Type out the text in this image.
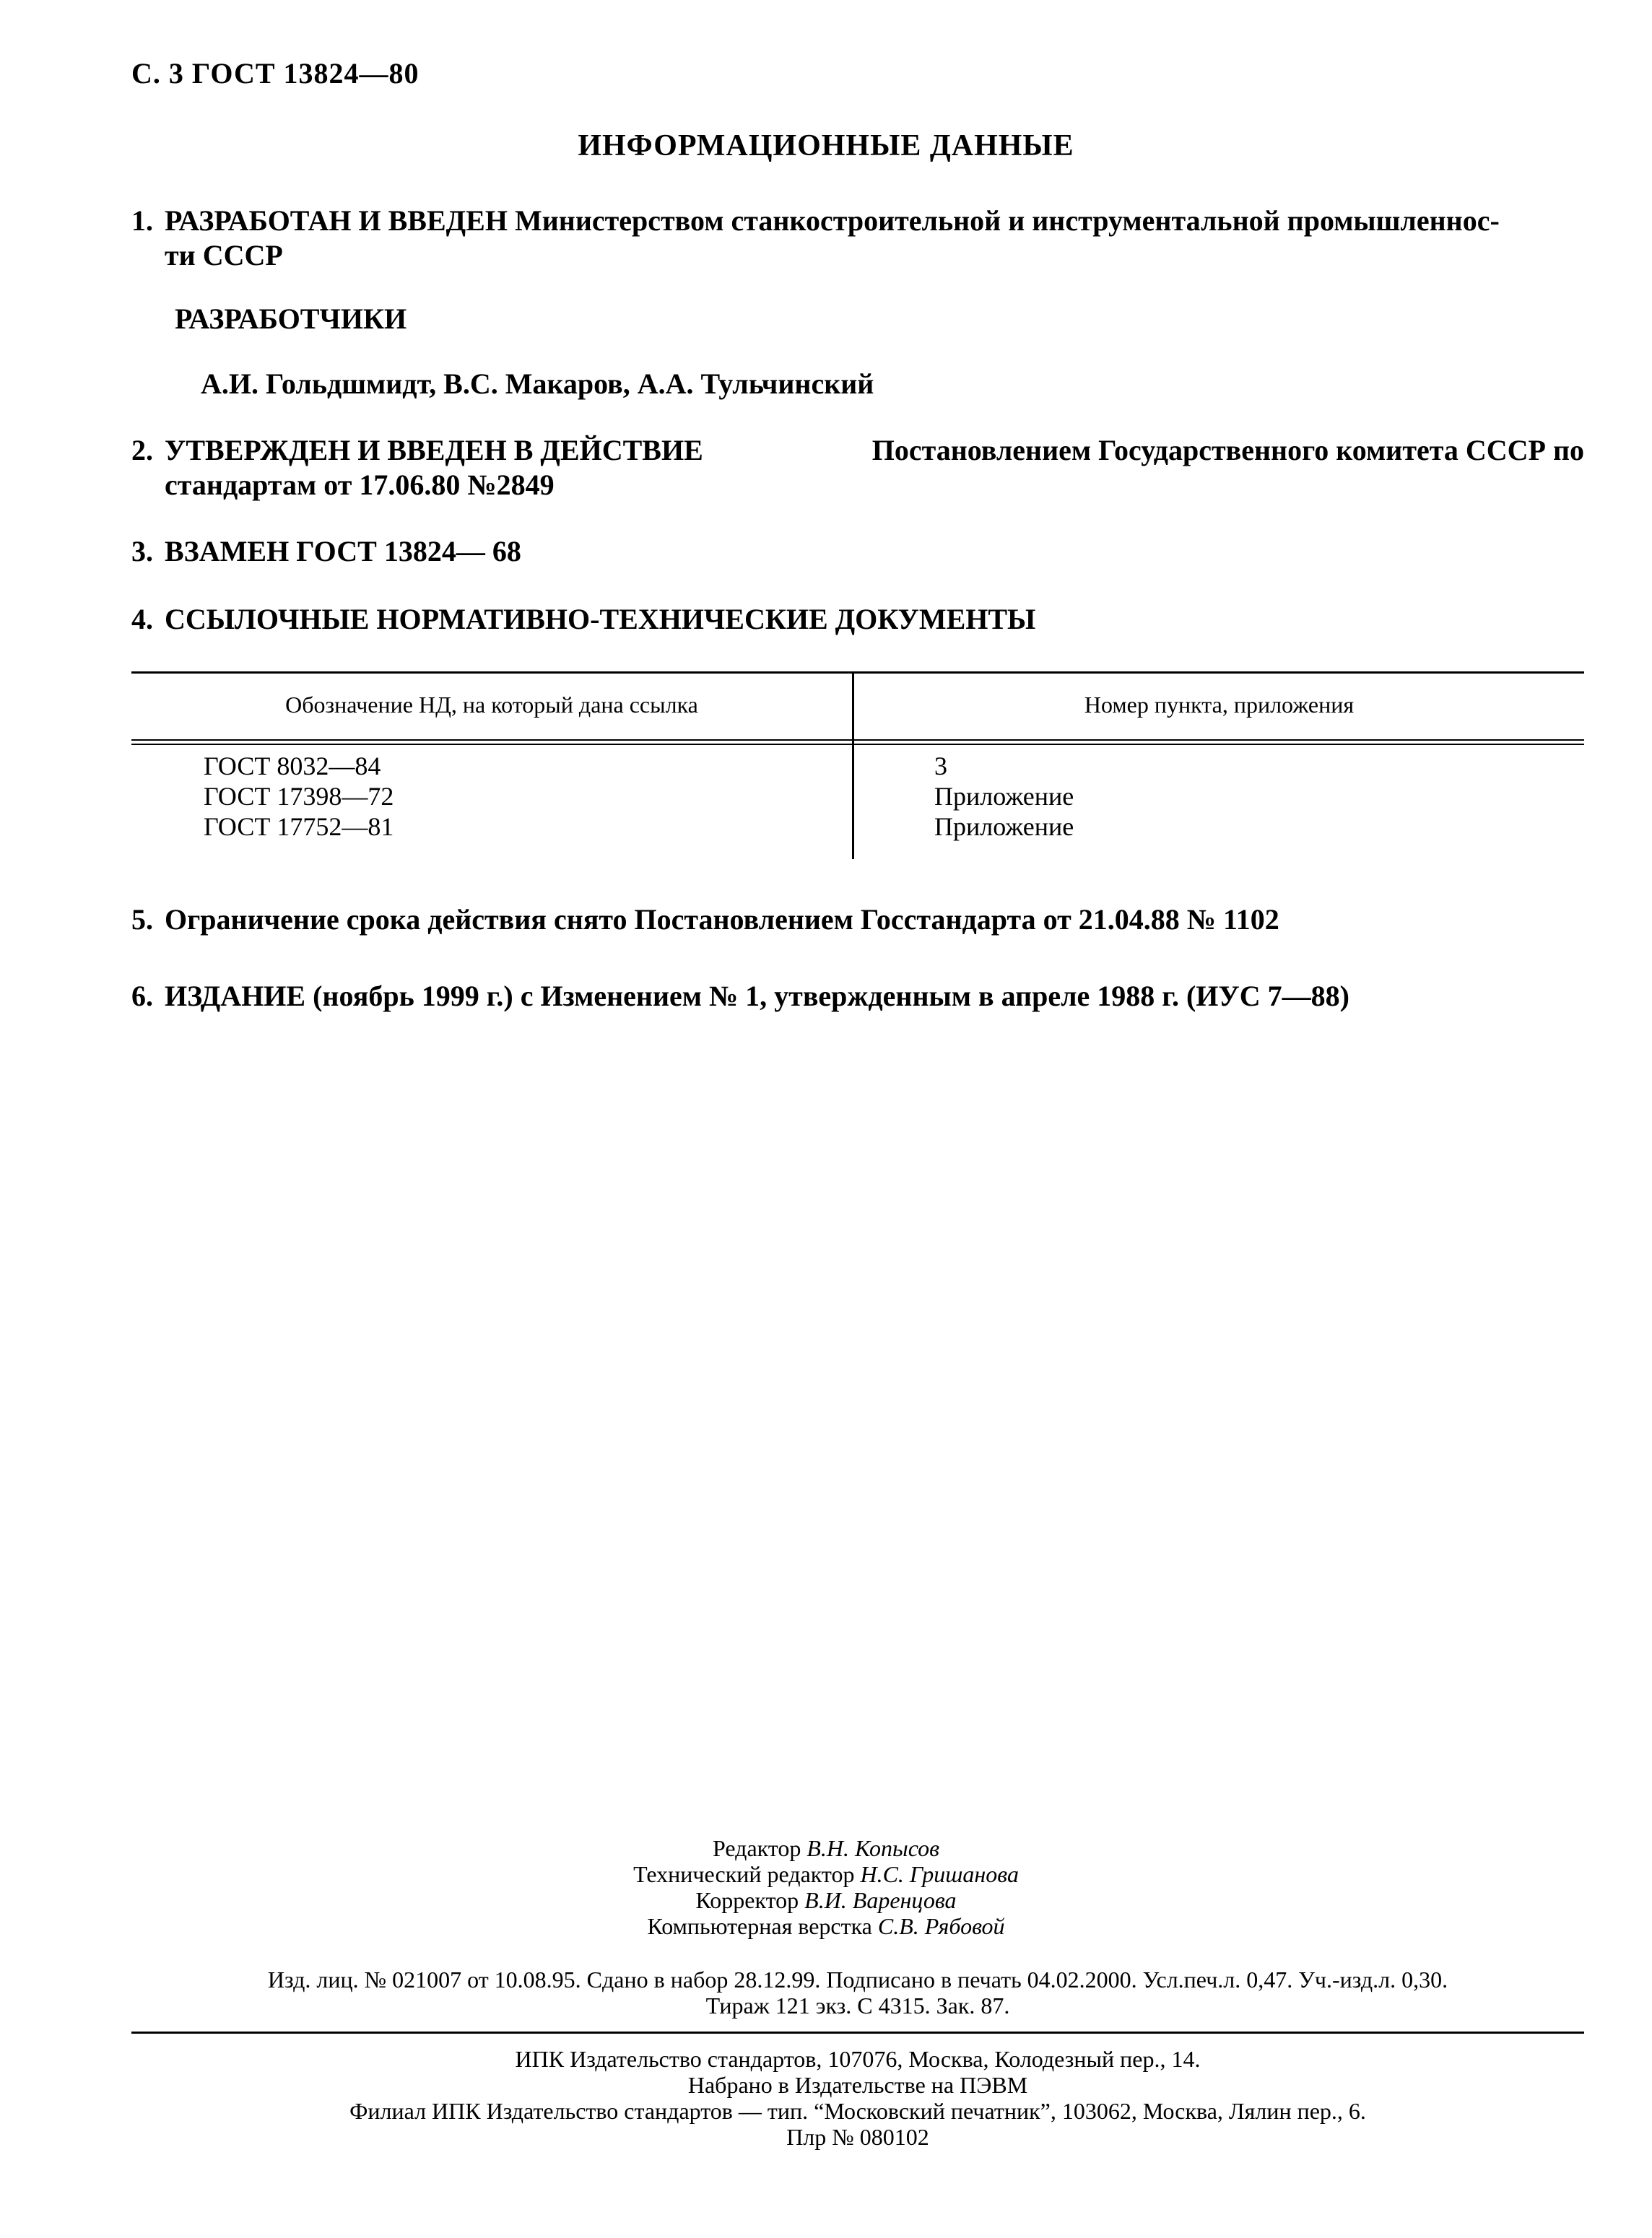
С. 3 ГОСТ 13824—80
ИНФОРМАЦИОННЫЕ ДАННЫЕ
1. РАЗРАБОТАН И ВВЕДЕН Министерством станкостроительной и инструментальной промышленнос-
ти СССР
РАЗРАБОТЧИКИ
А.И. Гольдшмидт, В.С. Макаров, А.А. Тульчинский
2. УТВЕРЖДЕН И ВВЕДЕН В ДЕЙСТВИЕ	Постановлением Государственного комитета СССР по
стандартам от 17.06.80 №2849
3. ВЗАМЕН ГОСТ 13824— 68
4. ССЫЛОЧНЫЕ НОРМАТИВНО-ТЕХНИЧЕСКИЕ ДОКУМЕНТЫ
Обозначение НД, на который дана ссылка	Номер пункта, приложения
ГОСТ 8032—84	3
ГОСТ 17398—72	Приложение
ГОСТ 17752—81	Приложение
5. Ограничение срока действия снято Постановлением Госстандарта от 21.04.88 № 1102
6. ИЗДАНИЕ (ноябрь 1999 г.) с Изменением № 1, утвержденным в апреле 1988 г. (ИУС 7—88)
Редактор В.Н. Копысов
Технический редактор Н.С. Гришанова
Корректор В.И. Варенцова
Компьютерная верстка С.В. Рябовой
Изд. лиц. № 021007 от 10.08.95. Сдано в набор 28.12.99. Подписано в печать 04.02.2000. Усл.печ.л. 0,47. Уч.-изд.л. 0,30.
Тираж 121 экз. С 4315. Зак. 87.
ИПК Издательство стандартов, 107076, Москва, Колодезный пер., 14.
Набрано в Издательстве на ПЭВМ
Филиал ИПК Издательство стандартов — тип. “Московский печатник”, 103062, Москва, Лялин пер., 6.
Плр № 080102
